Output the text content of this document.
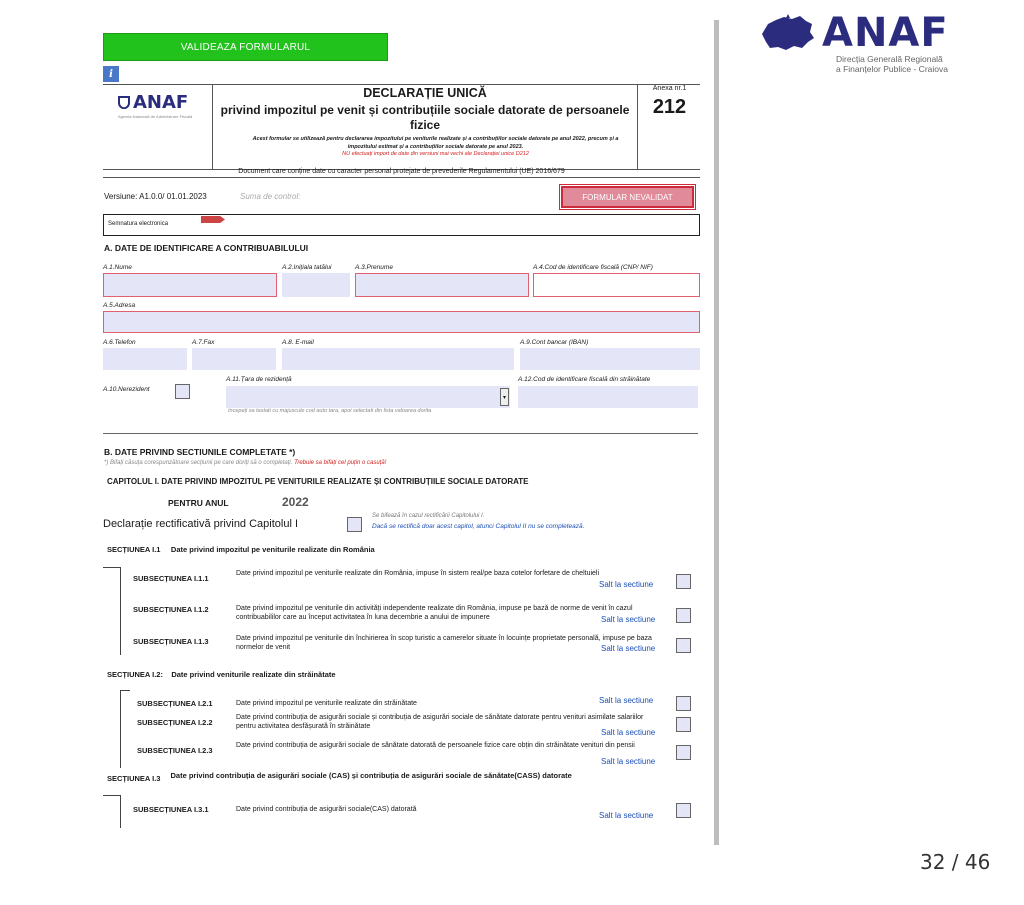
ANAF
Direcția Generală Regională
a Finanțelor Publice - Craiova
32 / 46
VALIDEAZA FORMULARUL
i
ANAF
Agenția Națională de Administrare Fiscală
DECLARAȚIE UNICĂ
privind impozitul pe venit și contribuțiile sociale datorate de persoanele fizice
Acest formular se utilizează pentru declararea impozitului pe veniturile realizate și a contribuțiilor sociale datorate pe anul 2022, precum și a impozitului estimat și a contribuțiilor sociale datorate pe anul 2023.
NU efectuați import de date din versiuni mai vechi ale Declarației unice D212
Anexa nr.1
212
Document care conține date cu caracter personal protejate de prevederile Regulamentului (UE) 2016/679
Versiune: A1.0.0/ 01.01.2023	Suma de control:	FORMULAR NEVALIDAT
Semnatura electronica
A. DATE DE IDENTIFICARE A CONTRIBUABILULUI
A.1.Nume	A.2.Inițiala tatălui	A.3.Prenume	A.4.Cod de identificare fiscală (CNP/ NIF)
A.5.Adresa
A.6.Telefon	A.7.Fax	A.8. E-mail	A.9.Cont bancar (IBAN)
A.10.Nerezident
A.11.Țara de rezidență
▾
Incepeți sa tastati cu majuscule cod auto tara, apoi selectati din lista valoarea dorita
A.12.Cod de identificare fiscală din străinătate
B. DATE PRIVIND SECTIUNILE COMPLETATE *)
*) Bifați căsuța corespunzătoare secțiunii pe care doriți să o completați. Trebuie sa bifați cel puțin o casuță!
CAPITOLUL I. DATE PRIVIND IMPOZITUL PE VENITURILE REALIZATE ȘI CONTRIBUȚIILE SOCIALE DATORATE
PENTRU ANUL	2022
Declarație rectificativă privind Capitolul I
Se bifează în cazul rectificării Capitolului I.
Dacă se rectifică doar acest capitol, atunci Capitolul II nu se completează.
SECȚIUNEA I.1 Date privind impozitul pe veniturile realizate din România
SUBSECȚIUNEA I.1.1
Date privind impozitul pe veniturile realizate din România, impuse în sistem real/pe baza cotelor forfetare de cheltuieli
Salt la sectiune
SUBSECȚIUNEA I.1.2	Date privind impozitul pe veniturile din activități independente realizate din România, impuse pe bază de norme de venit în cazul contribuabililor care au început activitatea în luna decembrie a anului de impunere	Salt la sectiune
SUBSECȚIUNEA I.1.3	Date privind impozitul pe veniturile din închirierea în scop turistic a camerelor situate în locuințe proprietate personală, impuse pe baza normelor de venit	Salt la sectiune
SECȚIUNEA I.2: Date privind veniturile realizate din străinătate
SUBSECȚIUNEA I.2.1	Date privind impozitul pe veniturile realizate din străinătate	Salt la sectiune
SUBSECȚIUNEA I.2.2
Date privind contribuția de asigurări sociale și contribuția de asigurări sociale de sănătate datorate pentru venituri asimilate salariilor pentru activitatea desfășurată în străinătate
Salt la sectiune
SUBSECȚIUNEA I.2.3
Date privind contribuția de asigurări sociale de sănătate datorată de persoanele fizice care obțin din străinătate venituri din pensii
Salt la sectiune
SECȚIUNEA I.3 Date privind contribuția de asigurări sociale (CAS) și contribuția de asigurări sociale de sănătate(CASS) datorate
SUBSECȚIUNEA I.3.1	Date privind contribuția de asigurări sociale(CAS) datorată
Salt la sectiune
